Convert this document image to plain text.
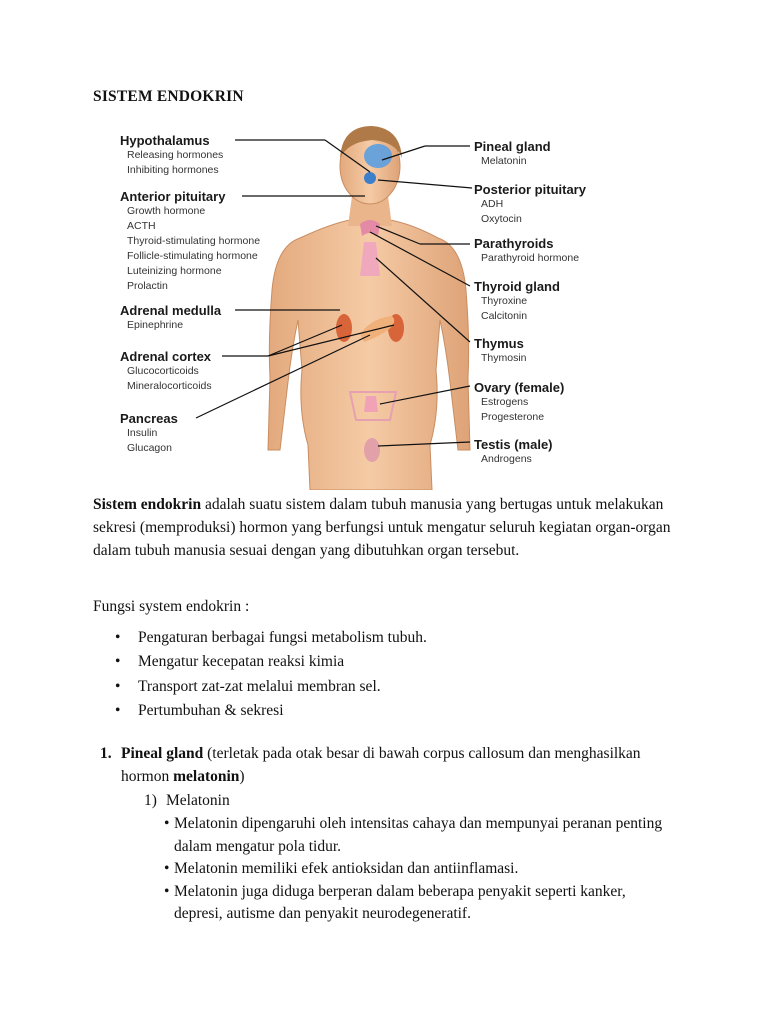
SISTEM ENDOKRIN
Hypothalamus
Releasing hormones
Inhibiting hormones
Anterior pituitary
Growth hormone
ACTH
Thyroid-stimulating hormone
Follicle-stimulating hormone
Luteinizing hormone
Prolactin
Adrenal medulla
Epinephrine
Adrenal cortex
Glucocorticoids
Mineralocorticoids
Pancreas
Insulin
Glucagon
Pineal gland
Melatonin
Posterior pituitary
ADH
Oxytocin
Parathyroids
Parathyroid hormone
Thyroid gland
Thyroxine
Calcitonin
Thymus
Thymosin
Ovary (female)
Estrogens
Progesterone
Testis (male)
Androgens
Sistem endokrin adalah suatu sistem dalam tubuh manusia yang bertugas untuk melakukan sekresi (memproduksi) hormon yang berfungsi untuk mengatur seluruh kegiatan organ-organ dalam tubuh manusia sesuai dengan yang dibutuhkan organ tersebut.
Fungsi system endokrin :
• Pengaturan berbagai fungsi metabolism tubuh.
• Mengatur kecepatan reaksi kimia
• Transport zat-zat melalui membran sel.
• Pertumbuhan & sekresi
1. Pineal gland (terletak pada otak besar di bawah corpus callosum dan menghasilkan hormon melatonin)
1) Melatonin
• Melatonin dipengaruhi oleh intensitas cahaya dan mempunyai peranan penting dalam mengatur pola tidur.
• Melatonin memiliki efek antioksidan dan antiinflamasi.
• Melatonin juga diduga berperan dalam beberapa penyakit seperti kanker, depresi, autisme dan penyakit neurodegeneratif.
